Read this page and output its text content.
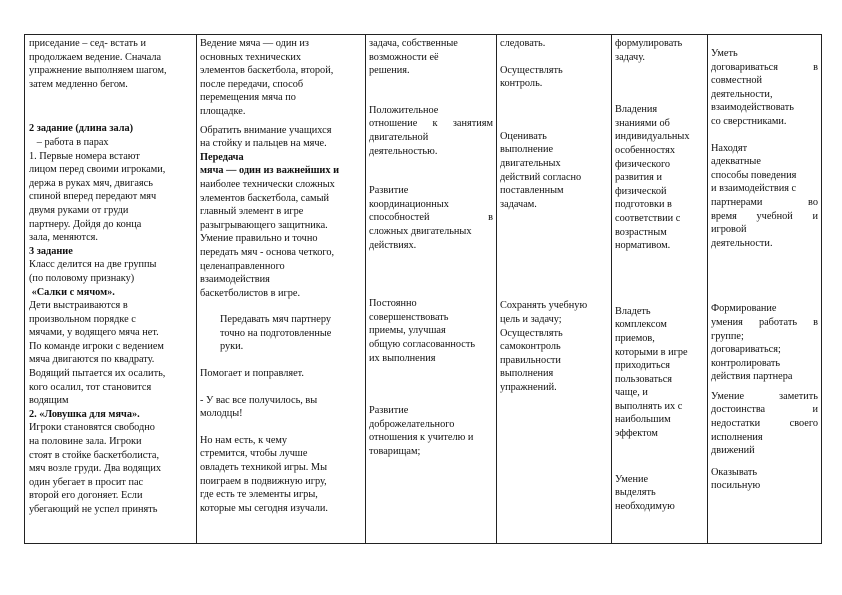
приседание – сед- встать и

продолжаем ведение. Сначала

упражнение выполняем шагом,

затем медленно бегом.

2 задание (длина зала)

– работа в парах

1. Первые номера встают

лицом перед своими игроками,

держа в руках мяч, двигаясь

спиной вперед передают мяч

двумя руками от груди

партнеру. Дойдя до конца

зала, меняются.

3 задание

Класс делится на две группы

(по половому признаку)

«Салки с мячом».

Дети выстраиваются в

произвольном порядке с

мячами, у водящего мяча нет.

По команде игроки с ведением

мяча двигаются по квадрату.

Водящий пытается их осалить,

кого осалил, тот становится

водящим

2. «Ловушка для мяча».

Игроки становятся свободно

на половине зала. Игроки

стоят в стойке баскетболиста,

мяч возле груди. Два водящих

один убегает в просит пас

второй его догоняет. Если

убегающий не успел принять

Ведение мяча — один из

основных технических

элементов баскетбола, второй,

после передачи, способ

перемещения мяча по

площадке.

Обратить внимание учащихся

на стойку и пальцев на мяче. Передача

мяча — один из важнейших и

наиболее технически сложных

элементов баскетбола, самый

главный элемент в игре

разыгрывающего защитника.

Умение правильно и точно

передать мяч - основа четкого,

целенаправленного

взаимодействия

баскетболистов в игре.

Передавать мяч партнеру

точно на подготовленные

руки.

Помогает и поправляет.

- У вас все получилось, вы

молодцы!

Но нам есть, к чему

стремится, чтобы лучше

овладеть техникой игры. Мы

поиграем в подвижную игру,

где есть те элементы игры,

которые мы сегодня изучали.

задача, собственные

возможности её

решения.

Положительное

отношение к занятиям

двигательной

деятельностью.

Развитие

координационных

способностей в

сложных двигательных

действиях.

Постоянно

совершенствовать

приемы, улучшая

общую согласованность

их выполнения

Развитие

доброжелательного

отношения к учителю и

товарищам;

следовать.

Осуществлять

контроль.

Оценивать

выполнение

двигательных

действий согласно

поставленным

задачам.

Сохранять учебную

цель и задачу;

Осуществлять

самоконтроль

правильности

выполнения

упражнений.

формулировать

задачу.

Владения

знаниями об

индивидуальных

особенностях

физического

развития и

физической

подготовки в

соответствии с

возрастным

нормативом.

Владеть

комплексом

приемов,

которыми в игре

приходиться

пользоваться

чаще, и

выполнять их с

наибольшим

эффектом

Умение

выделять

необходимую

Уметь

договариваться в

совместной

деятельности,

взаимодействовать

со сверстниками.

Находят

адекватные

способы поведения

и взаимодействия с

партнерами во

время учебной и

игровой

деятельности.

Формирование

умения работать в

группе;

договариваться;

контролировать

действия партнера

Умение заметить

достоинства и

недостатки своего

исполнения

движений

Оказывать

посильную
